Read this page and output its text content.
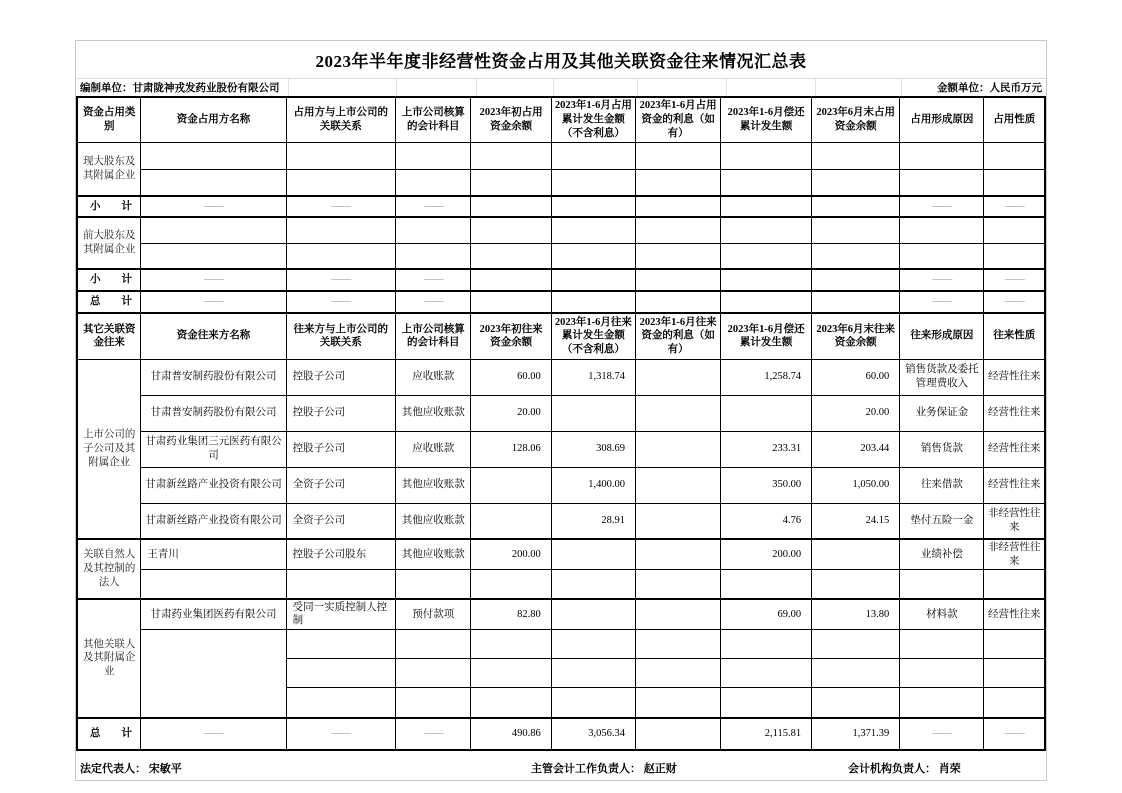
2023年半年度非经营性资金占用及其他关联资金往来情况汇总表
编制单位：甘肃陇神戎发药业股份有限公司	金额单位：人民币万元
资金占用类别	资金占用方名称	占用方与上市公司的关联关系	上市公司核算的会计科目	2023年初占用资金余额	2023年1-6月占用累计发生金额（不含利息）	2023年1-6月占用资金的利息（如有）	2023年1-6月偿还累计发生额	2023年6月末占用资金余额	占用形成原因	占用性质
现大股东及其附属企业										

小　　计	——	——	——						——	——
前大股东及其附属企业										

小　　计	——	——	——						——	——
总　　计	——	——	——						——	——
其它关联资金往来	资金往来方名称	往来方与上市公司的关联关系	上市公司核算的会计科目	2023年初往来资金余额	2023年1-6月往来累计发生金额（不含利息）	2023年1-6月往来资金的利息（如有）	2023年1-6月偿还累计发生额	2023年6月末往来资金余额	往来形成原因	往来性质
上市公司的子公司及其附属企业	甘肃普安制药股份有限公司	控股子公司	应收账款	60.00	1,318.74		1,258.74	60.00	销售货款及委托管理费收入	经营性往来
	甘肃普安制药股份有限公司	控股子公司	其他应收账款	20.00				20.00	业务保证金	经营性往来
	甘肃药业集团三元医药有限公司	控股子公司	应收账款	128.06	308.69		233.31	203.44	销售货款	经营性往来
	甘肃新丝路产业投资有限公司	全资子公司	其他应收账款		1,400.00		350.00	1,050.00	往来借款	经营性往来
	甘肃新丝路产业投资有限公司	全资子公司	其他应收账款		28.91		4.76	24.15	垫付五险一金	非经营性往来
关联自然人及其控制的法人	王青川	控股子公司股东	其他应收账款	200.00			200.00		业绩补偿	非经营性往来

其他关联人及其附属企业	甘肃药业集团医药有限公司	受同一实质控制人控制	预付款项	82.80			69.00	13.80	材料款	经营性往来

总　　计	——	——	——	490.86	3,056.34		2,115.81	1,371.39	——	——
法定代表人： 宋敏平	主管会计工作负责人： 赵正财	会计机构负责人： 肖荣
